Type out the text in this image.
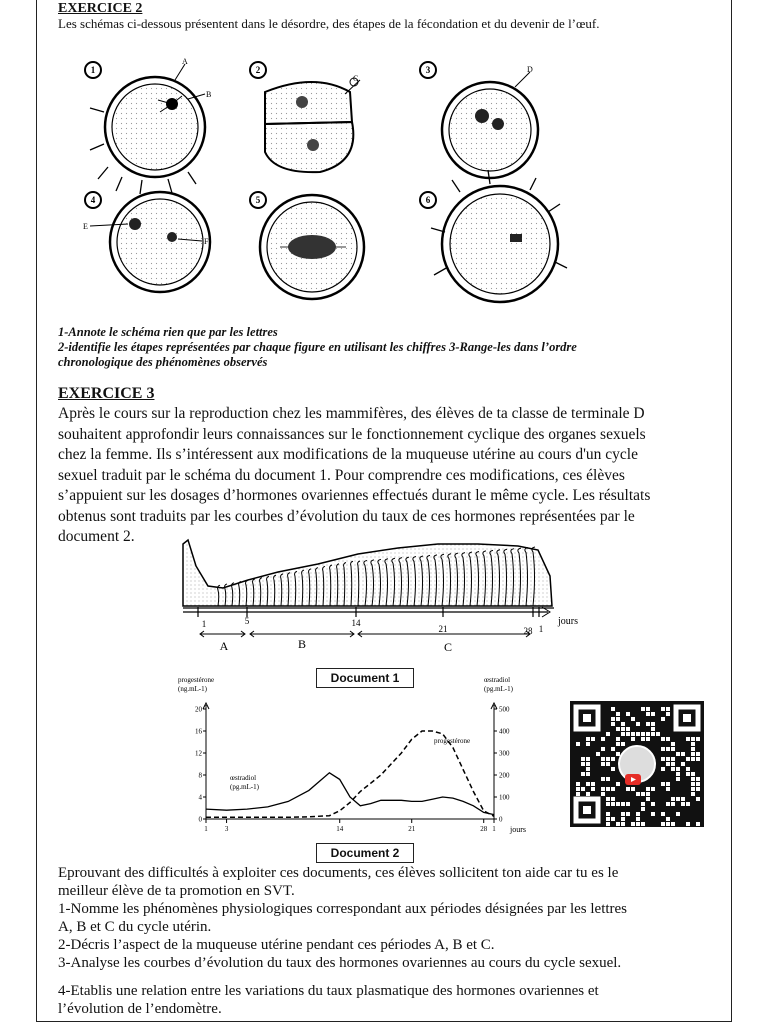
EXERCICE 2
Les schémas ci-dessous présentent dans le désordre, des étapes de la fécondation et du devenir de l’œuf.
1	2	3
4	5	6
A
B
C
D
E
F
1-Annote le schéma rien que par les lettres
2-identifie les étapes représentées par chaque figure en utilisant les chiffres 3-Range-les dans l’ordre
chronologique des phénomènes observés
EXERCICE 3
Après le cours sur la reproduction chez les mammifères, des élèves de ta classe de terminale D
souhaitent approfondir leurs connaissances sur le fonctionnement cyclique des organes sexuels
chez la femme. Ils s’intéressent aux modifications de la muqueuse utérine au cours d'un cycle
sexuel traduit par le schéma du document 1. Pour comprendre ces modifications, ces élèves
s’appuient sur les dosages d’hormones ovariennes effectués durant le même cycle. Les résultats
obtenus sont traduits par les courbes d’évolution du taux de ces hormones représentées par le
document 2.
1	5	14
21	28 1
jours
A	B	C
Document 1
0
4
8
12
16
20
0
100
200
300
400
500
1 3	14	21	28 1
progestérone
(ng.mL-1)
œstradiol
(pg.mL-1)
progestérone
œstradiol
(pg.mL-1)
jours
Document 2
Eprouvant des difficultés à exploiter ces documents, ces élèves sollicitent ton aide car tu es le
meilleur élève de ta promotion en SVT.
1-Nomme les phénomènes physiologiques correspondant aux périodes désignées par les lettres
A, B et C du cycle utérin.
2-Décris l’aspect de la muqueuse utérine pendant ces périodes A, B et C.
3-Analyse les courbes d’évolution du taux des hormones ovariennes au cours du cycle sexuel.
4-Etablis une relation entre les variations du taux plasmatique des hormones ovariennes et
l’évolution de l’endomètre.
